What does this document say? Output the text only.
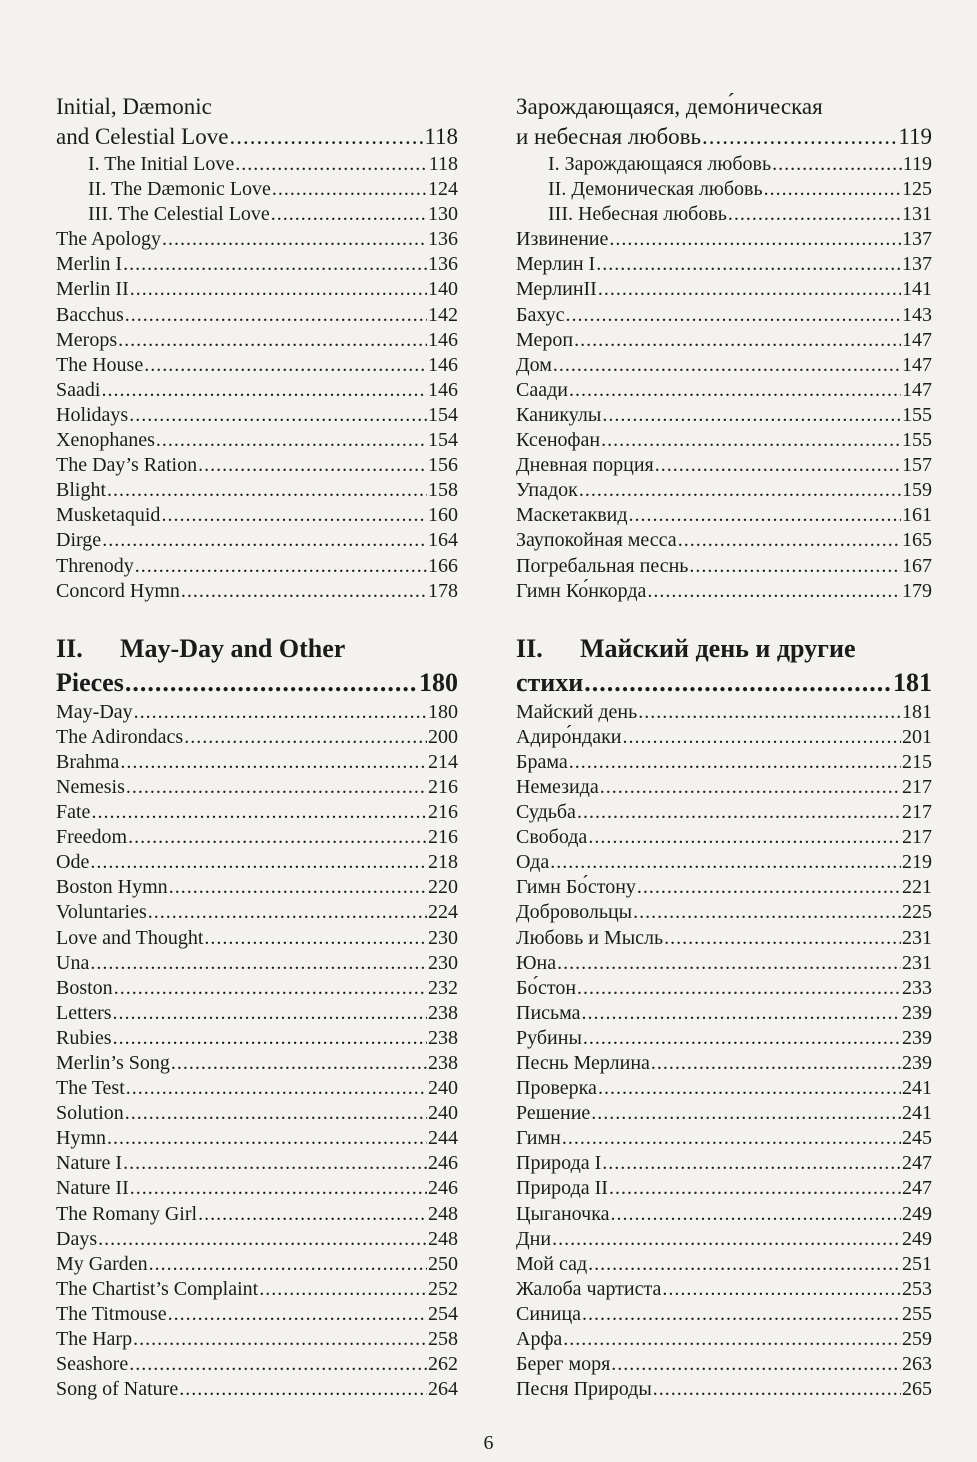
Initial, Dæmonic

and Celestial Love .....	118
I. The Initial Love .....	118
II. The Dæmonic Love .....	124
III. The Celestial Love .....	130
The Apology .....	136
Merlin I .....	136
Merlin II .....	140
Bacchus .....	142
Merops .....	146
The House .....	146
Saadi .....	146
Holidays .....	154
Xenophanes .....	154
The Day’s Ration .....	156
Blight .....	158
Musketaquid .....	160
Dirge .....	164
Threnody .....	166
Concord Hymn .....	178
II. May-Day and Other
Pieces .....	180
May-Day .....	180
The Adirondacs .....	200
Brahma .....	214
Nemesis .....	216
Fate .....	216
Freedom .....	216
Ode .....	218
Boston Hymn .....	220
Voluntaries .....	224
Love and Thought .....	230
Una .....	230
Boston .....	232
Letters .....	238
Rubies .....	238
Merlin’s Song .....	238
The Test .....	240
Solution .....	240
Hymn .....	244
Nature I .....	246
Nature II .....	246
The Romany Girl .....	248
Days .....	248
My Garden .....	250
The Chartist’s Complaint .....	252
The Titmouse .....	254
The Harp .....	258
Seashore .....	262
Song of Nature .....	264

Зарождающаяся, демо́ническая

и небесная любовь .....	119
I. Зарождающаяся любовь .....	119
II. Демоническая любовь .....	125
III. Небесная любовь .....	131
Извинение .....	137
Мерлин I .....	137
МерлинII .....	141
Бахус .....	143
Мероп .....	147
Дом .....	147
Саади .....	147
Каникулы .....	155
Ксенофан .....	155
Дневная порция .....	157
Упадок .....	159
Маскетаквид .....	161
Заупокойная месса .....	165
Погребальная песнь .....	167
Гимн Ко́нкорда .....	179
II. Майский день и другие
стихи .....	181
Майский день .....	181
Адиро́ндаки .....	201
Брама .....	215
Немезида .....	217
Судьба .....	217
Свобода .....	217
Ода .....	219
Гимн Бо́стону .....	221
Добровольцы .....	225
Любовь и Мысль .....	231
Юна .....	231
Бо́стон .....	233
Письма .....	239
Рубины .....	239
Песнь Мерлина .....	239
Проверка .....	241
Решение .....	241
Гимн .....	245
Природа I .....	247
Природа II .....	247
Цыганочка .....	249
Дни .....	249
Мой сад .....	251
Жалоба чартиста .....	253
Синица .....	255
Арфа .....	259
Берег моря .....	263
Песня Природы .....	265
6
